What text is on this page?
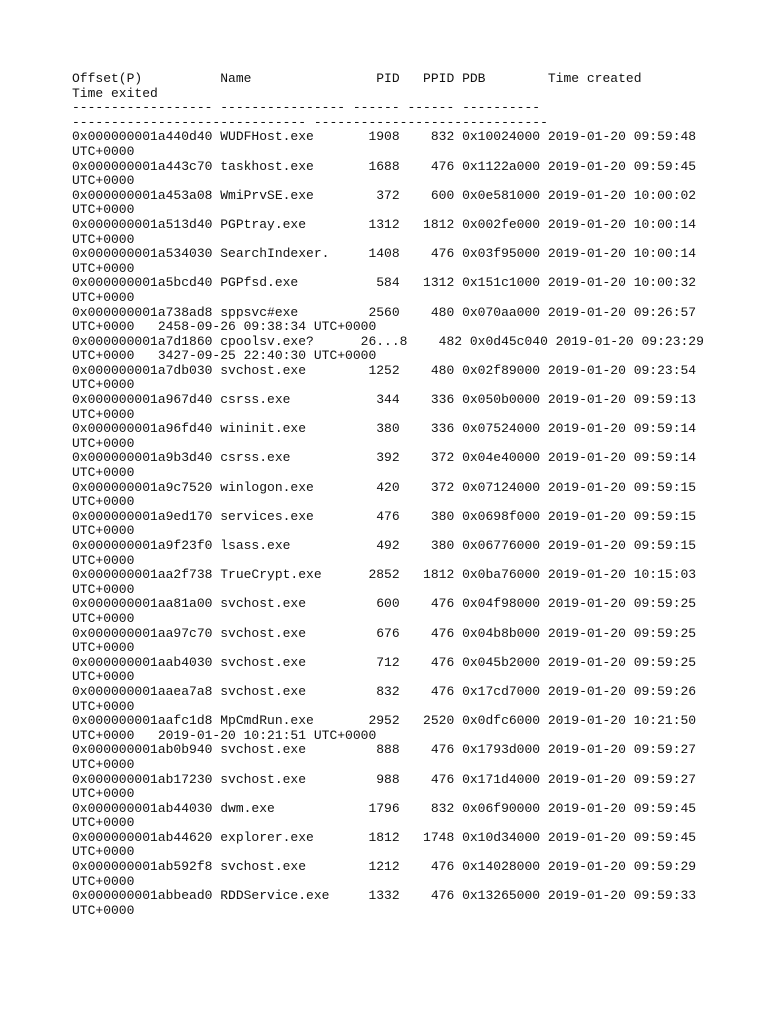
Offset(P)          Name                PID   PPID PDB        Time created
Time exited
------------------ ---------------- ------ ------ ----------
------------------------------ ------------------------------
0x000000001a440d40 WUDFHost.exe       1908    832 0x10024000 2019-01-20 09:59:48
UTC+0000
0x000000001a443c70 taskhost.exe       1688    476 0x1122a000 2019-01-20 09:59:45
UTC+0000
0x000000001a453a08 WmiPrvSE.exe        372    600 0x0e581000 2019-01-20 10:00:02
UTC+0000
0x000000001a513d40 PGPtray.exe        1312   1812 0x002fe000 2019-01-20 10:00:14
UTC+0000
0x000000001a534030 SearchIndexer.     1408    476 0x03f95000 2019-01-20 10:00:14
UTC+0000
0x000000001a5bcd40 PGPfsd.exe          584   1312 0x151c1000 2019-01-20 10:00:32
UTC+0000
0x000000001a738ad8 sppsvc#exe         2560    480 0x070aa000 2019-01-20 09:26:57
UTC+0000   2458-09-26 09:38:34 UTC+0000
0x000000001a7d1860 cpoolsv.exe?      26...8    482 0x0d45c040 2019-01-20 09:23:29
UTC+0000   3427-09-25 22:40:30 UTC+0000
0x000000001a7db030 svchost.exe        1252    480 0x02f89000 2019-01-20 09:23:54
UTC+0000
0x000000001a967d40 csrss.exe           344    336 0x050b0000 2019-01-20 09:59:13
UTC+0000
0x000000001a96fd40 wininit.exe         380    336 0x07524000 2019-01-20 09:59:14
UTC+0000
0x000000001a9b3d40 csrss.exe           392    372 0x04e40000 2019-01-20 09:59:14
UTC+0000
0x000000001a9c7520 winlogon.exe        420    372 0x07124000 2019-01-20 09:59:15
UTC+0000
0x000000001a9ed170 services.exe        476    380 0x0698f000 2019-01-20 09:59:15
UTC+0000
0x000000001a9f23f0 lsass.exe           492    380 0x06776000 2019-01-20 09:59:15
UTC+0000
0x000000001aa2f738 TrueCrypt.exe      2852   1812 0x0ba76000 2019-01-20 10:15:03
UTC+0000
0x000000001aa81a00 svchost.exe         600    476 0x04f98000 2019-01-20 09:59:25
UTC+0000
0x000000001aa97c70 svchost.exe         676    476 0x04b8b000 2019-01-20 09:59:25
UTC+0000
0x000000001aab4030 svchost.exe         712    476 0x045b2000 2019-01-20 09:59:25
UTC+0000
0x000000001aaea7a8 svchost.exe         832    476 0x17cd7000 2019-01-20 09:59:26
UTC+0000
0x000000001aafc1d8 MpCmdRun.exe       2952   2520 0x0dfc6000 2019-01-20 10:21:50
UTC+0000   2019-01-20 10:21:51 UTC+0000
0x000000001ab0b940 svchost.exe         888    476 0x1793d000 2019-01-20 09:59:27
UTC+0000
0x000000001ab17230 svchost.exe         988    476 0x171d4000 2019-01-20 09:59:27
UTC+0000
0x000000001ab44030 dwm.exe            1796    832 0x06f90000 2019-01-20 09:59:45
UTC+0000
0x000000001ab44620 explorer.exe       1812   1748 0x10d34000 2019-01-20 09:59:45
UTC+0000
0x000000001ab592f8 svchost.exe        1212    476 0x14028000 2019-01-20 09:59:29
UTC+0000
0x000000001abbead0 RDDService.exe     1332    476 0x13265000 2019-01-20 09:59:33
UTC+0000
